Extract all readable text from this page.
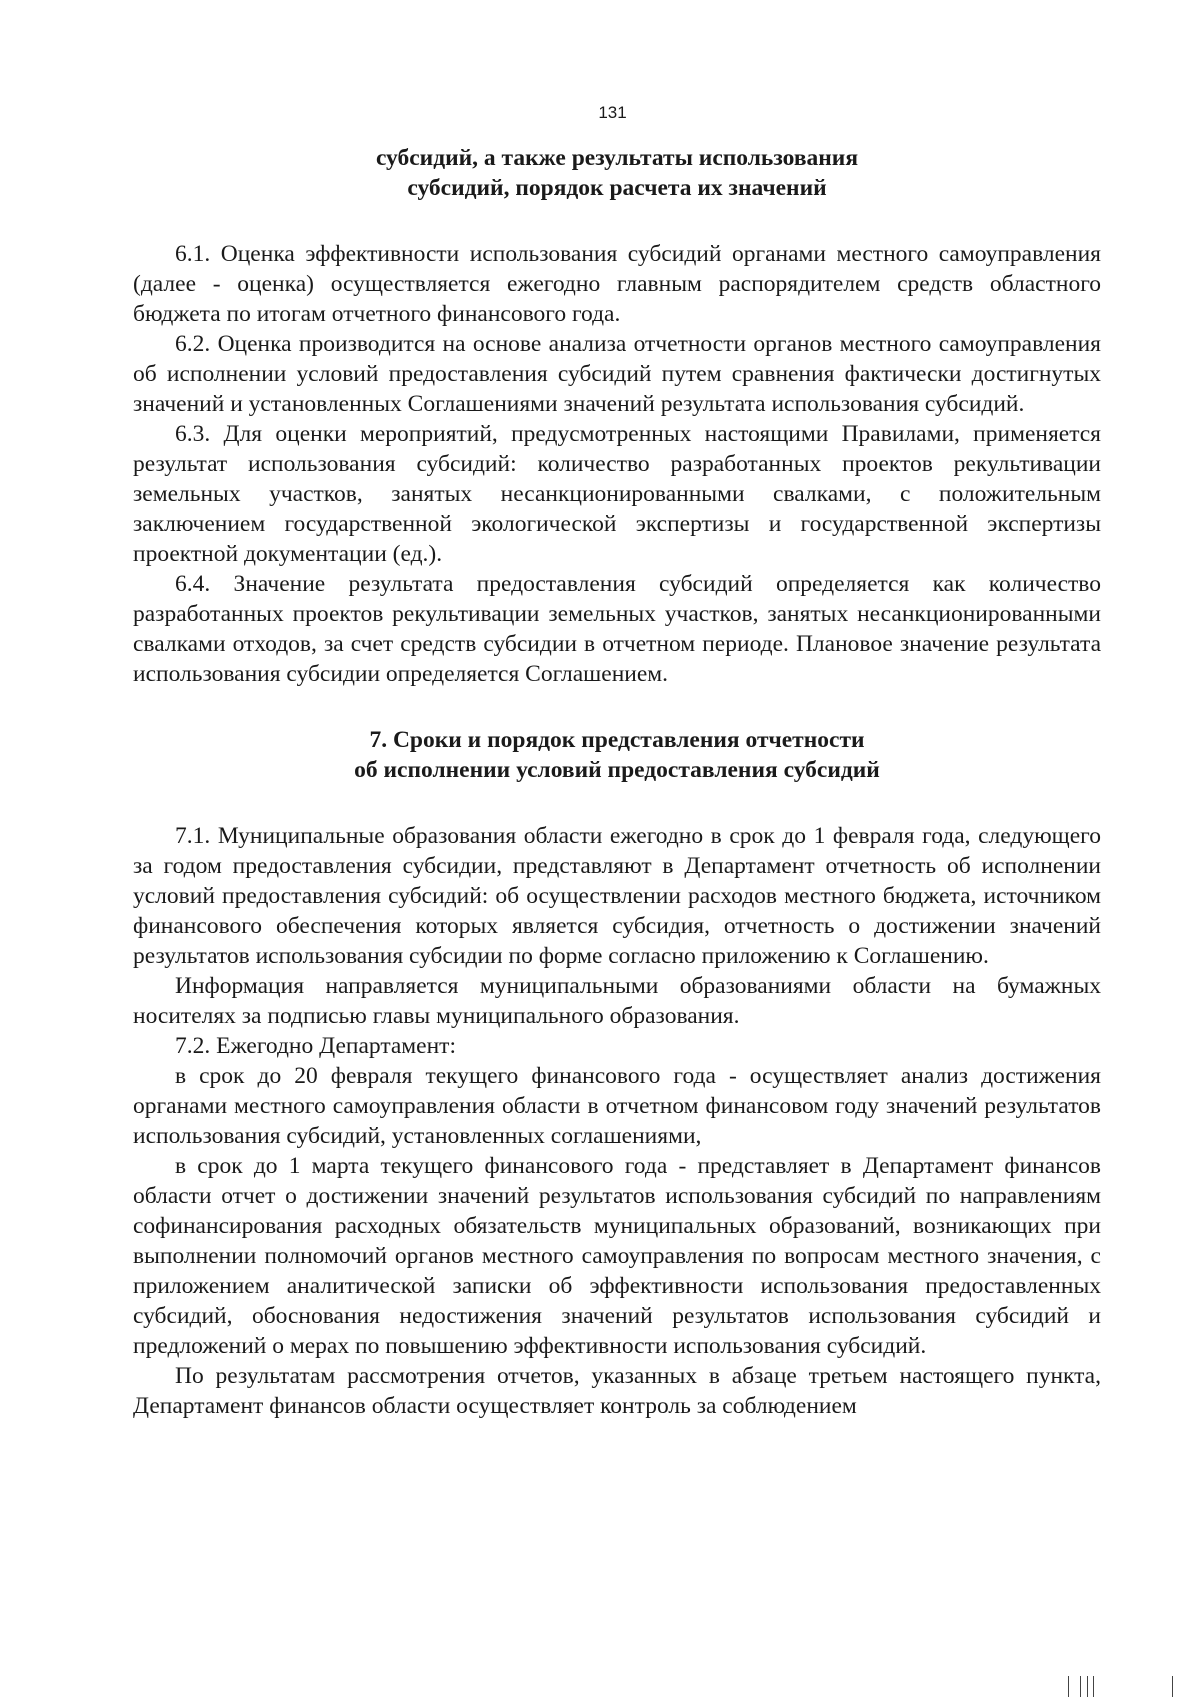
131
субсидий, а также результаты использования
субсидий, порядок расчета их значений

6.1. Оценка эффективности использования субсидий органами местного самоуправления (далее - оценка) осуществляется ежегодно главным распорядителем средств областного бюджета по итогам отчетного финансового года.

6.2. Оценка производится на основе анализа отчетности органов местного самоуправления об исполнении условий предоставления субсидий путем сравнения фактически достигнутых значений и установленных Соглашениями значений результата использования субсидий.

6.3. Для оценки мероприятий, предусмотренных настоящими Правилами, применяется результат использования субсидий: количество разработанных проектов рекультивации земельных участков, занятых несанкционированными свалками, с положительным заключением государственной экологической экспертизы и государственной экспертизы проектной документации (ед.).

6.4. Значение результата предоставления субсидий определяется как количество разработанных проектов рекультивации земельных участков, занятых несанкционированными свалками отходов, за счет средств субсидии в отчетном периоде. Плановое значение результата использования субсидии определяется Соглашением.

7. Сроки и порядок представления отчетности
об исполнении условий предоставления субсидий

7.1. Муниципальные образования области ежегодно в срок до 1 февраля года, следующего за годом предоставления субсидии, представляют в Департамент отчетность об исполнении условий предоставления субсидий: об осуществлении расходов местного бюджета, источником финансового обеспечения которых является субсидия, отчетность о достижении значений результатов использования субсидии по форме согласно приложению к Соглашению.

Информация направляется муниципальными образованиями области на бумажных носителях за подписью главы муниципального образования.

7.2. Ежегодно Департамент:

в срок до 20 февраля текущего финансового года - осуществляет анализ достижения органами местного самоуправления области в отчетном финансовом году значений результатов использования субсидий, установленных соглашениями,

в срок до 1 марта текущего финансового года - представляет в Департамент финансов области отчет о достижении значений результатов использования субсидий по направлениям софинансирования расходных обязательств муниципальных образований, возникающих при выполнении полномочий органов местного самоуправления по вопросам местного значения, с приложением аналитической записки об эффективности использования предоставленных субсидий, обоснования недостижения значений результатов использования субсидий и предложений о мерах по повышению эффективности использования субсидий.

По результатам рассмотрения отчетов, указанных в абзаце третьем настоящего пункта, Департамент финансов области осуществляет контроль за соблюдением
